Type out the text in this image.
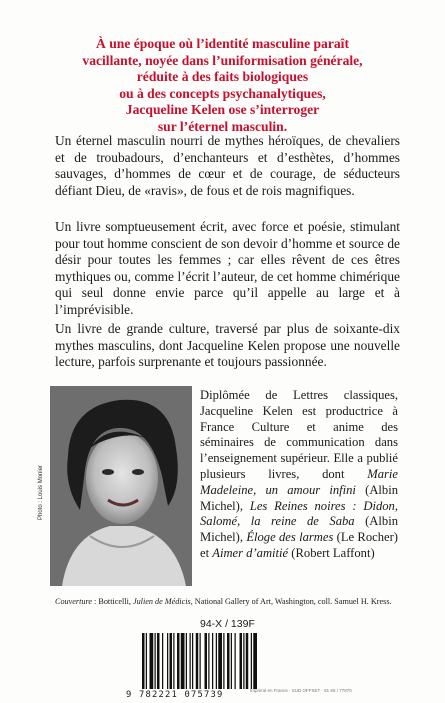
À une époque où l’identité masculine paraît
vacillante, noyée dans l’uniformisation générale,
réduite à des faits biologiques
ou à des concepts psychanalytiques,
Jacqueline Kelen ose s’interroger
sur l’éternel masculin.
Un éternel masculin nourri de mythes héroïques, de chevaliers et de troubadours, d’enchanteurs et d’esthètes, d’hommes sauvages, d’hommes de cœur et de courage, de séducteurs défiant Dieu, de «ravis», de fous et de rois magnifiques.
Un livre somptueusement écrit, avec force et poésie, stimulant pour tout homme conscient de son devoir d’homme et source de désir pour toutes les femmes ; car elles rêvent de ces êtres mythiques ou, comme l’écrit l’auteur, de cet homme chimérique qui seul donne envie parce qu’il appelle au large et à l’imprévisible.
Un livre de grande culture, traversé par plus de soixante-dix mythes masculins, dont Jacqueline Kelen propose une nouvelle lecture, parfois surprenante et toujours passionnée.
Photo : Louis Monier
Diplômée de Lettres classiques, Jacqueline Kelen est productrice à France Culture et anime des séminaires de communication dans l’enseignement supérieur. Elle a publié plusieurs livres, dont Marie Madeleine, un amour infini (Albin Michel), Les Reines noires : Didon, Salomé, la reine de Saba (Albin Michel), Éloge des larmes (Le Rocher) et Aimer d’amitié (Robert Laffont)
Couverture : Botticelli, Julien de Médicis, National Gallery of Art, Washington, coll. Samuel H. Kress.
94-X / 139F
9 782221 075739	Imprimé en France · SUD OFFSET · 81 65 / 77870
